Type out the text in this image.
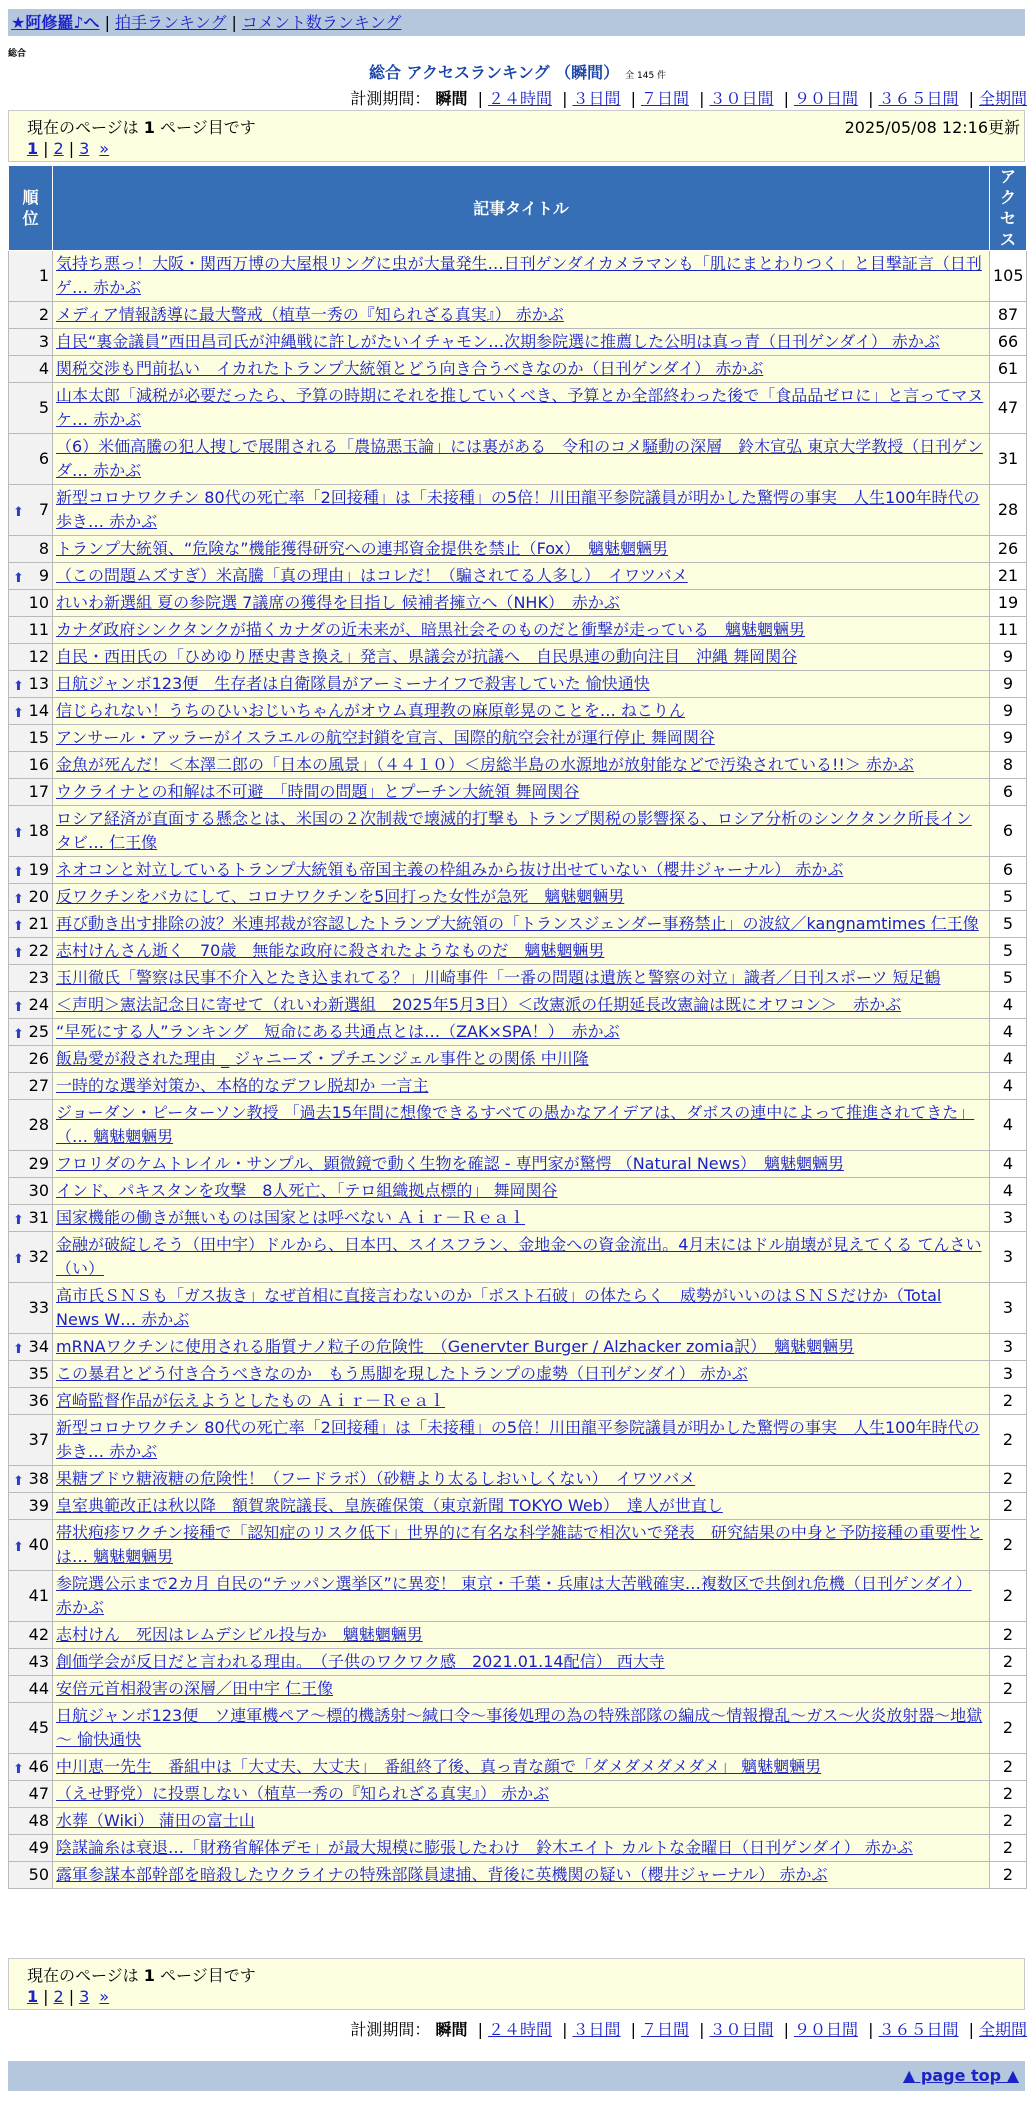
★阿修羅♪へ | 拍手ランキング | コメント数ランキング
総合
総合 アクセスランキング （瞬間） 全 145 件
計測期間： 瞬間 | ２４時間 | ３日間 | ７日間 | ３０日間 | ９０日間 | ３６５日間 | 全期間
現在のページは 1 ページ目です	2025/05/08 12:16更新
1 | 2 | 3 »
順位	記事タイトル	アクセス
1	気持ち悪っ！大阪・関西万博の大屋根リングに虫が大量発生…日刊ゲンダイカメラマンも「肌にまとわりつく」と目撃証言（日刊ゲ… 赤かぶ	105
2	メディア情報誘導に最大警戒（植草一秀の『知られざる真実』） 赤かぶ	87
3	自民“裏金議員”西田昌司氏が沖縄戦に許しがたいイチャモン…次期参院選に推薦した公明は真っ青（日刊ゲンダイ） 赤かぶ	66
4	関税交渉も門前払い　イカれたトランプ大統領とどう向き合うべきなのか（日刊ゲンダイ） 赤かぶ	61
5	山本太郎「減税が必要だったら、予算の時期にそれを推していくべき、予算とか全部終わった後で「食品品ゼロに」と言ってマヌケ… 赤かぶ	47
6	（6）米価高騰の犯人捜しで展開される「農協悪玉論」には裏がある　令和のコメ騒動の深層　鈴木宣弘 東京大学教授（日刊ゲンダ… 赤かぶ	31

⬆ 7	新型コロナワクチン 80代の死亡率「2回接種」は「未接種」の5倍！川田龍平参院議員が明かした驚愕の事実　人生100年時代の歩き… 赤かぶ	28
8	トランプ大統領、“危険な”機能獲得研究への連邦資金提供を禁止（Fox）　魑魅魍魎男	26

⬆ 9	（この問題ムズすぎ）米高騰「真の理由」はコレだ！（騙されてる人多し）　イワツバメ	21
10	れいわ新選組 夏の参院選 7議席の獲得を目指し 候補者擁立へ（NHK）　赤かぶ	19
11	カナダ政府シンクタンクが描くカナダの近未来が、暗黒社会そのものだと衝撃が走っている　魑魅魍魎男	11
12	自民・西田氏の「ひめゆり歴史書き換え」発言、県議会が抗議へ　自民県連の動向注目　沖縄 舞岡関谷	9

⬆ 13	日航ジャンボ123便　生存者は自衛隊員がアーミーナイフで殺害していた 愉快通快	9

⬆ 14	信じられない！うちのひいおじいちゃんがオウム真理教の麻原彰晃のことを… ねこりん	9
15	アンサール・アッラーがイスラエルの航空封鎖を宣言、国際的航空会社が運行停止 舞岡関谷	9
16	金魚が死んだ！＜本澤二郎の「日本の風景」（４４１０）＜房総半島の水源地が放射能などで汚染されている!!＞ 赤かぶ	8
17	ウクライナとの和解は不可避　「時間の問題」とプーチン大統領 舞岡関谷	6

⬆ 18	ロシア経済が直面する懸念とは、米国の２次制裁で壊滅的打撃も トランプ関税の影響探る、ロシア分析のシンクタンク所長インタビ… 仁王像	6

⬆ 19	ネオコンと対立しているトランプ大統領も帝国主義の枠組みから抜け出せていない（櫻井ジャーナル） 赤かぶ	6

⬆ 20	反ワクチンをバカにして、コロナワクチンを5回打った女性が急死　魑魅魍魎男	5

⬆ 21	再び動き出す排除の波？米連邦裁が容認したトランプ大統領の「トランスジェンダー事務禁止」の波紋／kangnamtimes 仁王像	5

⬆ 22	志村けんさん逝く　70歳　無能な政府に殺されたようなものだ　魑魅魍魎男	5
23	玉川徹氏「警察は民事不介入とたき込まれてる？」川崎事件「一番の問題は遺族と警察の対立」識者／日刊スポーツ 短足鶴	5

⬆ 24	＜声明＞憲法記念日に寄せて（れいわ新選組　2025年5月3日）＜改憲派の任期延長改憲論は既にオワコン＞　赤かぶ	4

⬆ 25	“早死にする人”ランキング　短命にある共通点とは…（ZAK×SPA！）　赤かぶ	4
26	飯島愛が殺された理由 _ ジャニーズ・プチエンジェル事件との関係 中川隆	4
27	一時的な選挙対策か、本格的なデフレ脱却か 一言主	4
28	ジョーダン・ピーターソン教授 「過去15年間に想像できるすべての愚かなアイデアは、ダボスの連中によって推進されてきた」（… 魑魅魍魎男	4
29	フロリダのケムトレイル・サンプル、顕微鏡で動く生物を確認 - 専門家が驚愕 （Natural News）　魑魅魍魎男	4
30	インド、パキスタンを攻撃　8人死亡、「テロ組織拠点標的」 舞岡関谷	4

⬆ 31	国家機能の働きが無いものは国家とは呼べない Ａｉｒ－Ｒｅａｌ	3

⬆ 32	金融が破綻しそう（田中宇）ドルから、日本円、スイスフラン、金地金への資金流出。4月末にはドル崩壊が見えてくる てんさい（い）	3
33	高市氏ＳＮＳも「ガス抜き」なぜ首相に直接言わないのか「ポスト石破」の体たらく　威勢がいいのはＳＮＳだけか（Total News W… 赤かぶ	3

⬆ 34	mRNAワクチンに使用される脂質ナノ粒子の危険性　（Genervter Burger / Alzhacker zomia訳）　魑魅魍魎男	3
35	この暴君とどう付き合うべきなのか　もう馬脚を現したトランプの虚勢（日刊ゲンダイ） 赤かぶ	3
36	宮崎監督作品が伝えようとしたもの Ａｉｒ－Ｒｅａｌ	2
37	新型コロナワクチン 80代の死亡率「2回接種」は「未接種」の5倍！川田龍平参院議員が明かした驚愕の事実　人生100年時代の歩き… 赤かぶ	2

⬆ 38	果糖ブドウ糖液糖の危険性！（フードラボ）（砂糖より太るしおいしくない）　イワツバメ	2
39	皇室典範改正は秋以降　額賀衆院議長、皇族確保策（東京新聞 TOKYO Web）　達人が世直し	2

⬆ 40	帯状疱疹ワクチン接種で「認知症のリスク低下」世界的に有名な科学雑誌で相次いで発表　研究結果の中身と予防接種の重要性とは… 魑魅魍魎男	2
41	参院選公示まで2カ月 自民の“テッパン選挙区”に異変！ 東京・千葉・兵庫は大苦戦確実…複数区で共倒れ危機（日刊ゲンダイ） 赤かぶ	2
42	志村けん　死因はレムデシビル投与か　魑魅魍魎男	2
43	創価学会が反日だと言われる理由。　（子供のワクワク感　2021.01.14配信） 西大寺	2
44	安倍元首相殺害の深層／田中宇 仁王像	2
45	日航ジャンボ123便　ソ連軍機ペア～標的機誘射～緘口令～事後処理の為の特殊部隊の編成～情報攪乱～ガス～火炎放射器～地獄～ 愉快通快	2

⬆ 46	中川恵一先生　番組中は「大丈夫、大丈夫」　番組終了後、真っ青な顔で「ダメダメダメダメ」 魑魅魍魎男	2
47	（えせ野党）に投票しない（植草一秀の『知られざる真実』） 赤かぶ	2
48	水葬（Wiki） 蒲田の富士山	2
49	陰謀論糸は衰退…「財務省解体デモ」が最大規模に膨張したわけ　鈴木エイト カルトな金曜日（日刊ゲンダイ） 赤かぶ	2
50	露軍参謀本部幹部を暗殺したウクライナの特殊部隊員逮捕、背後に英機関の疑い（櫻井ジャーナル） 赤かぶ	2
現在のページは 1 ページ目です
1 | 2 | 3 »
計測期間： 瞬間 | ２４時間 | ３日間 | ７日間 | ３０日間 | ９０日間 | ３６５日間 | 全期間
▲ page top ▲
